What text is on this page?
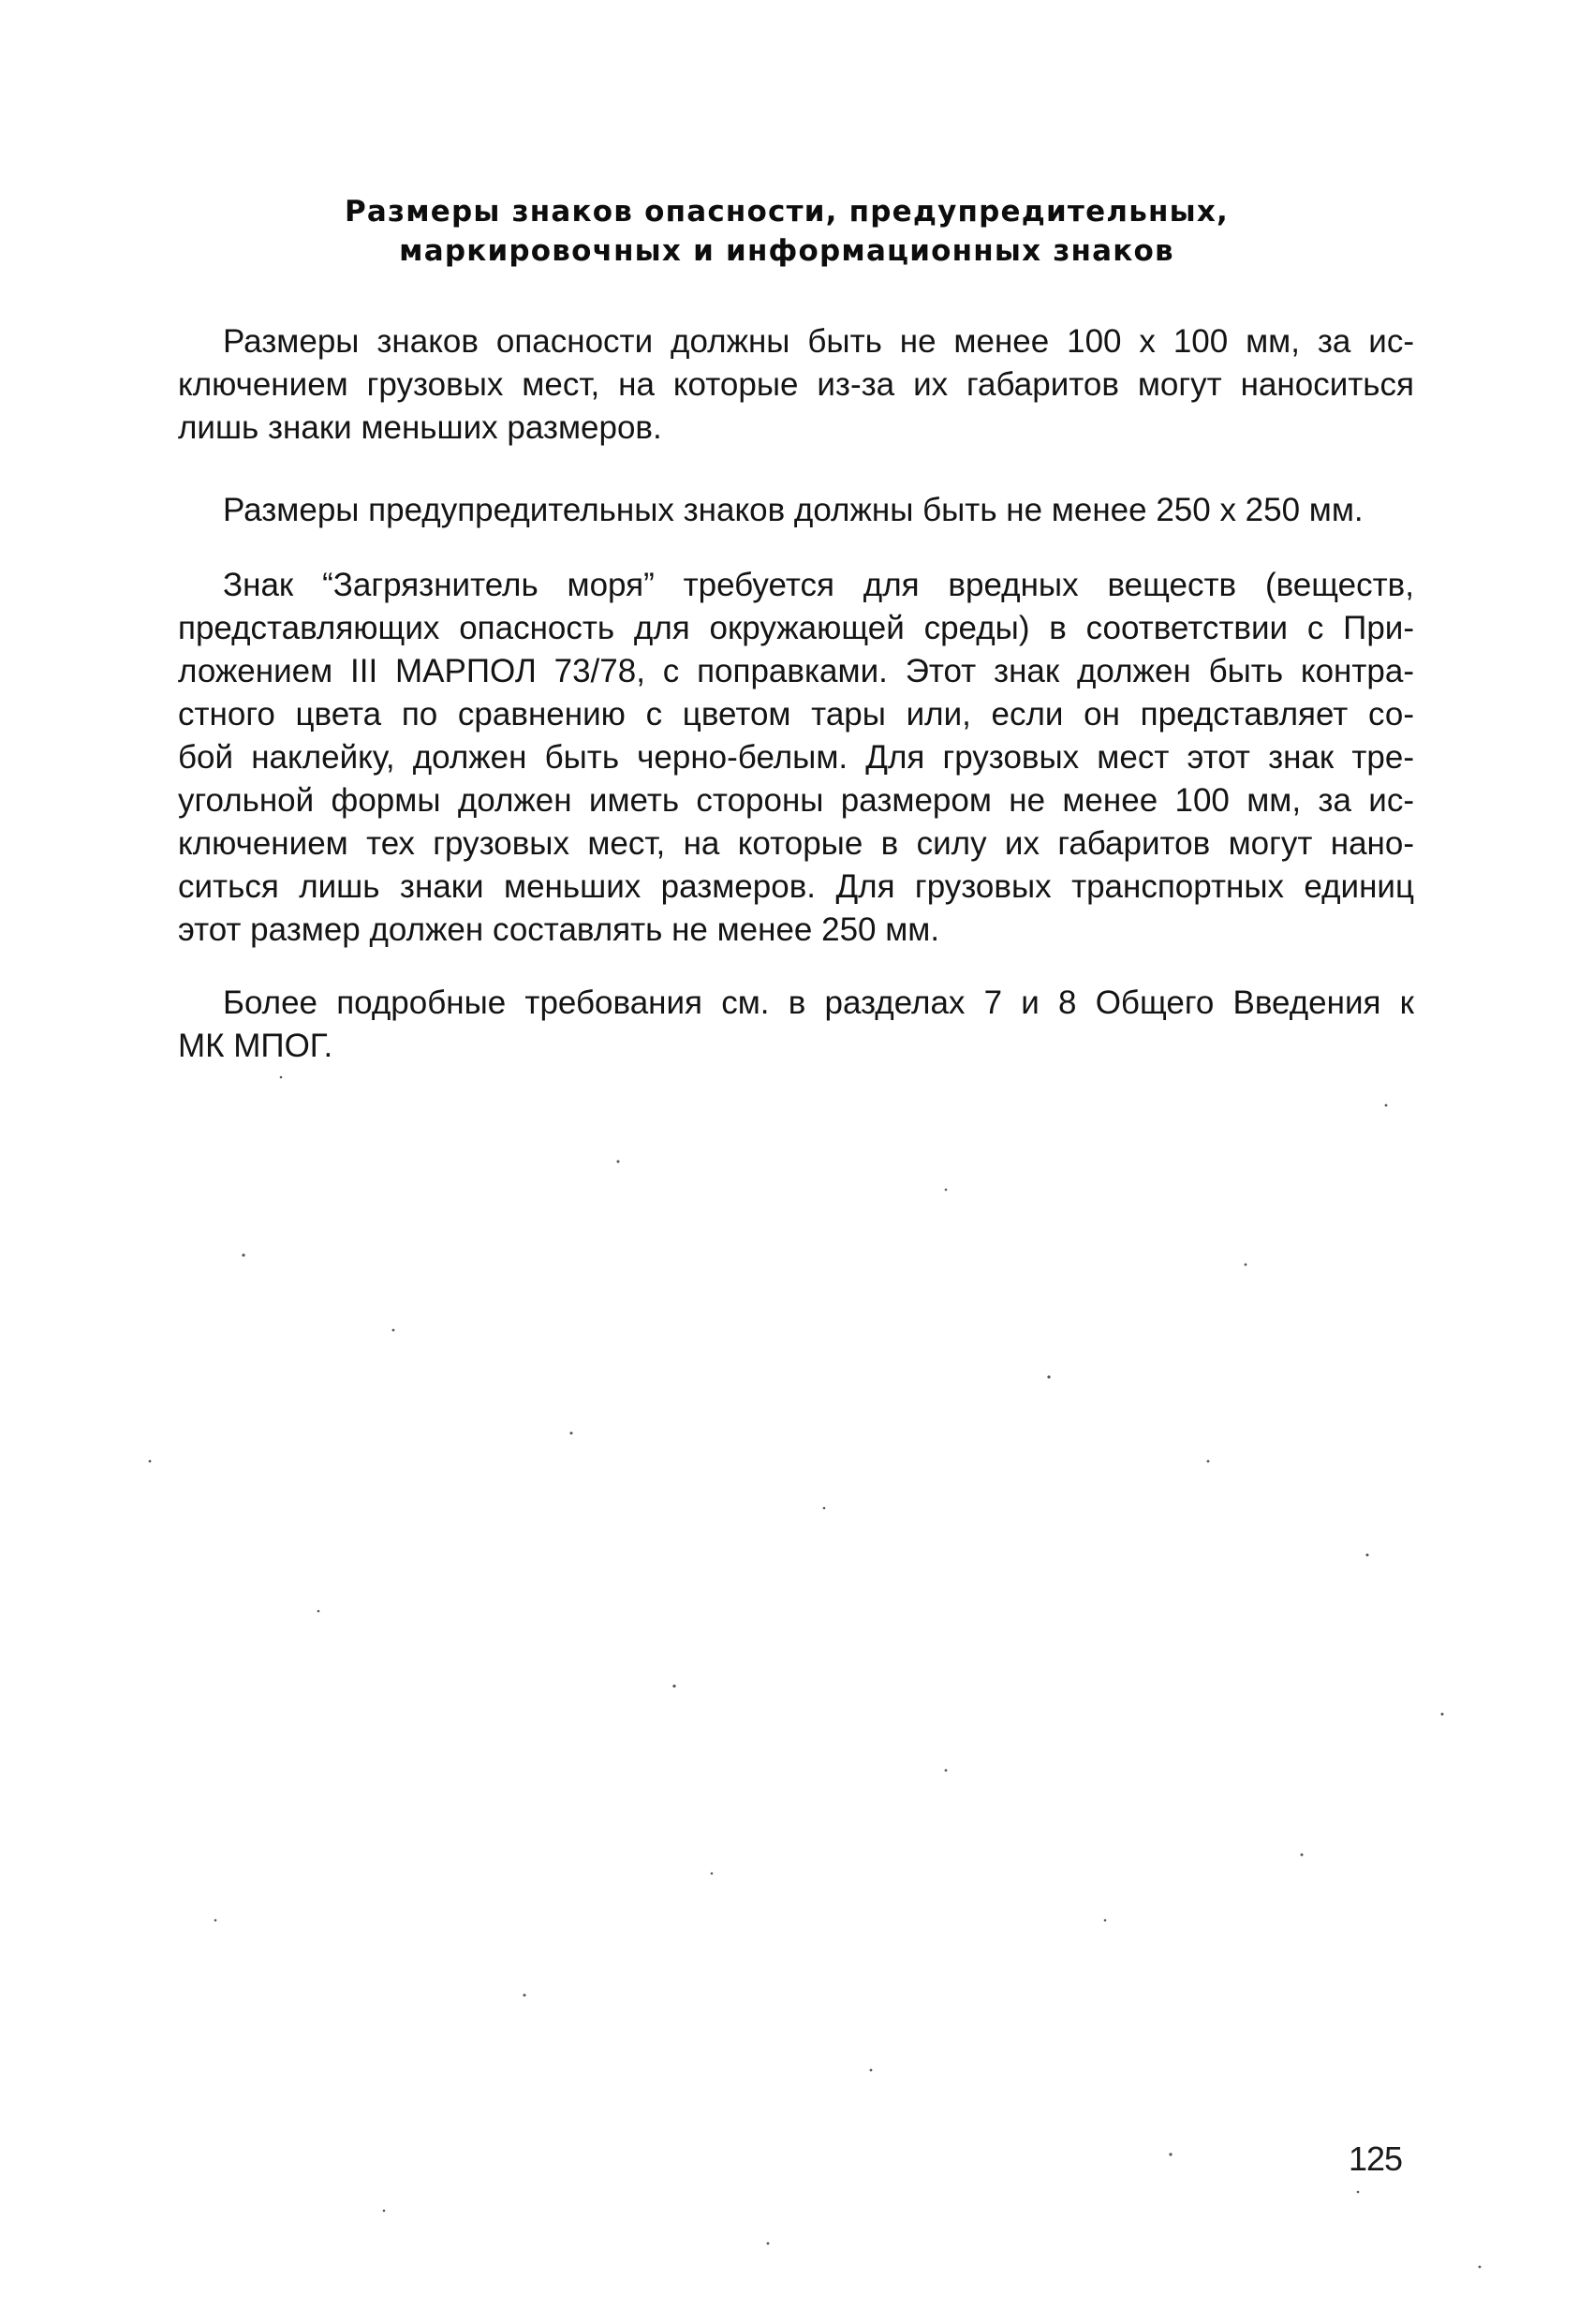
Размеры знаков опасности, предупредительных,
маркировочных и информационных знаков
Размеры знаков опасности должны быть не менее 100 х 100 мм, за ис-
ключением грузовых мест, на которые из-за их габаритов могут наноситься
лишь знаки меньших размеров.
Размеры предупредительных знаков должны быть не менее 250 х 250 мм.
Знак “Загрязнитель моря” требуется для вредных веществ (веществ,
представляющих опасность для окружающей среды) в соответствии с При-
ложением III МАРПОЛ 73/78, с поправками. Этот знак должен быть контра-
стного цвета по сравнению с цветом тары или, если он представляет со-
бой наклейку, должен быть черно-белым. Для грузовых мест этот знак тре-
угольной формы должен иметь стороны размером не менее 100 мм, за ис-
ключением тех грузовых мест, на которые в силу их габаритов могут нано-
ситься лишь знаки меньших размеров. Для грузовых транспортных единиц
этот размер должен составлять не менее 250 мм.
Более подробные требования см. в разделах 7 и 8 Общего Введения к
МК МПОГ.
125
